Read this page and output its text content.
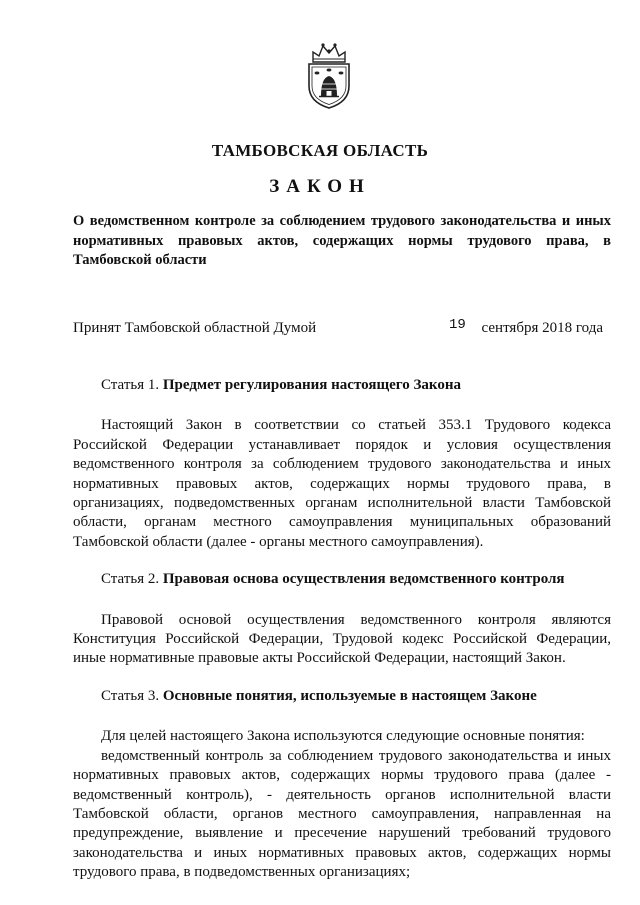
ТАМБОВСКАЯ ОБЛАСТЬ
ЗАКОН
О ведомственном контроле за соблюдением трудового законодательства и иных нормативных правовых актов, содержащих нормы трудового права, в Тамбовской области
Принят Тамбовской областной Думой	19 сентября 2018 года

Статья 1. Предмет регулирования настоящего Закона

Настоящий Закон в соответствии со статьей 353.1 Трудового кодекса Российской Федерации устанавливает порядок и условия осуществления ведомственного контроля за соблюдением трудового законодательства и иных нормативных правовых актов, содержащих нормы трудового права, в организациях, подведомственных органам исполнительной власти Тамбовской области, органам местного самоуправления муниципальных образований Тамбовской области (далее - органы местного самоуправления).

Статья 2. Правовая основа осуществления ведомственного контроля

Правовой основой осуществления ведомственного контроля являются Конституция Российской Федерации, Трудовой кодекс Российской Федерации, иные нормативные правовые акты Российской Федерации, настоящий Закон.

Статья 3. Основные понятия, используемые в настоящем Законе

Для целей настоящего Закона используются следующие основные понятия:

ведомственный контроль за соблюдением трудового законодательства и иных нормативных правовых актов, содержащих нормы трудового права (далее - ведомственный контроль), - деятельность органов исполнительной власти Тамбовской области, органов местного самоуправления, направленная на предупреждение, выявление и пресечение нарушений требований трудового законодательства и иных нормативных правовых актов, содержащих нормы трудового права, в подведомственных организациях;
